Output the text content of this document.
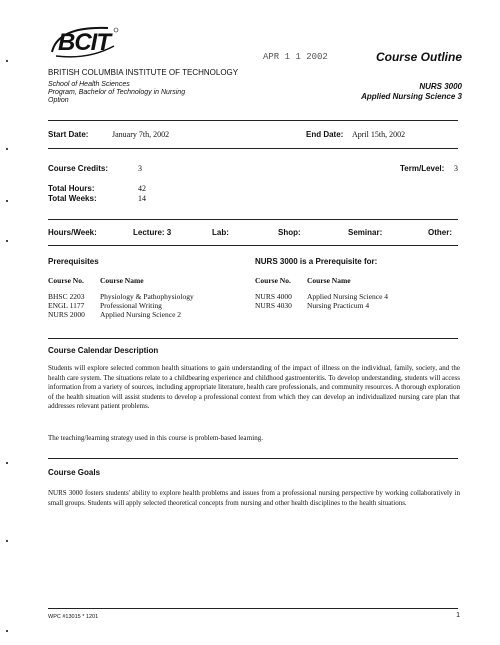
BCIT
BRITISH COLUMBIA INSTITUTE OF TECHNOLOGY
School of Health Sciences
Program, Bachelor of Technology in Nursing
Option
APR 1 1 2002	Course Outline
NURS 3000
Applied Nursing Science 3
Start Date:	January 7th, 2002	End Date: April 15th, 2002
Course Credits:	3	Term/Level: 3
Total Hours:	42
Total Weeks:	14
Hours/Week:	Lecture: 3	Lab:	Shop:	Seminar:	Other:
Prerequisites
Course No. Course Name
BHSC 2203 Physiology & Pathophysiology
ENGL 1177 Professional Writing
NURS 2000 Applied Nursing Science 2
NURS 3000 is a Prerequisite for:
Course No. Course Name
NURS 4000 Applied Nursing Science 4
NURS 4030 Nursing Practicum 4
Course Calendar Description
Students will explore selected common health situations to gain understanding of the impact of illness on the individual, family, society, and the health care system. The situations relate to a childbearing experience and childhood gastroenteritis. To develop understanding, students will access information from a variety of sources, including appropriate literature, health care professionals, and community resources. A thorough exploration of the health situation will assist students to develop a professional context from which they can develop an individualized nursing care plan that addresses relevant patient problems.
The teaching/learning strategy used in this course is problem-based learning.
Course Goals
NURS 3000 fosters students' ability to explore health problems and issues from a professional nursing perspective by working collaboratively in small groups. Students will apply selected theoretical concepts from nursing and other health disciplines to the health situations.
WPC #13015 * 1201	1
